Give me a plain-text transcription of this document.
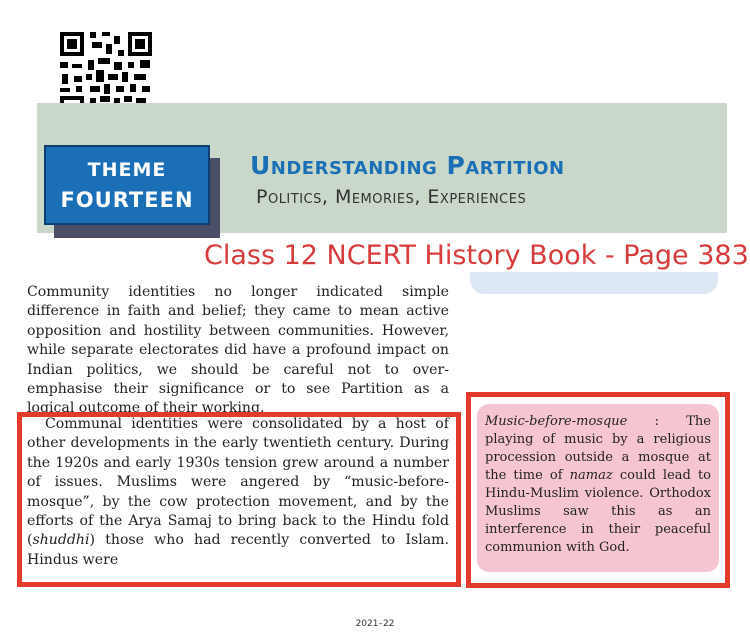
THEME
FOURTEEN
Understanding Partition
Politics, Memories, Experiences
Class 12 NCERT History Book - Page 383

Community identities no longer indicated simple difference in faith and belief; they came to mean active opposition and hostility between communities. However, while separate electorates did have a profound impact on Indian politics, we should be careful not to over-emphasise their significance or to see Partition as a logical outcome of their working.

Communal identities were consolidated by a host of other developments in the early twentieth century. During the 1920s and early 1930s tension grew around a number of issues. Muslims were angered by “music-before-mosque”, by the cow protection movement, and by the efforts of the Arya Samaj to bring back to the Hindu fold (shuddhi) those who had recently converted to Islam. Hindus were

Music-before-mosque : The playing of music by a religious procession outside a mosque at the time of namaz could lead to Hindu-Muslim violence. Orthodox Muslims saw this as an interference in their peaceful communion with God.
2021–22
